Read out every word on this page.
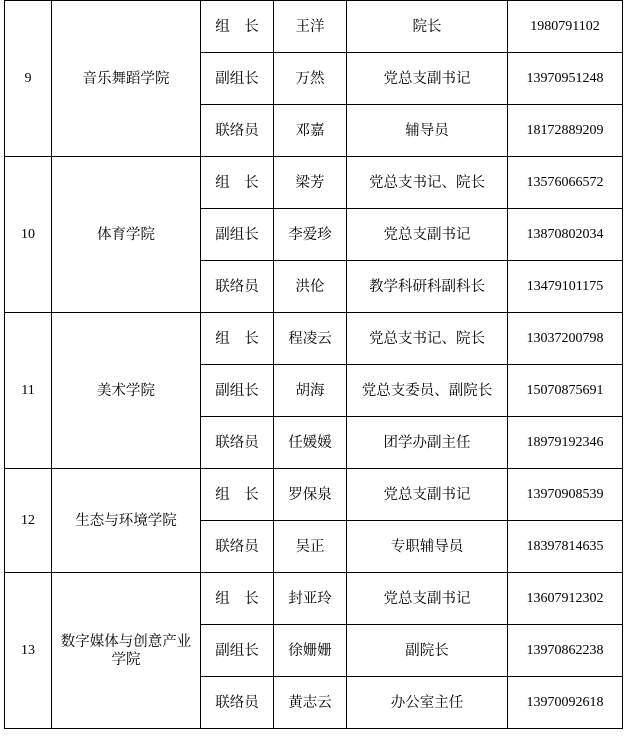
9	音乐舞蹈学院	组　长	王洋	院长	1980791102
		副组长	万然	党总支副书记	13970951248
		联络员	邓嘉	辅导员	18172889209
10	体育学院	组　长	梁芳	党总支书记、院长	13576066572
		副组长	李爱珍	党总支副书记	13870802034
		联络员	洪伦	教学科研科副科长	13479101175
11	美术学院	组　长	程凌云	党总支书记、院长	13037200798
		副组长	胡海	党总支委员、副院长	15070875691
		联络员	任媛媛	团学办副主任	18979192346
12	生态与环境学院	组　长	罗保泉	党总支副书记	13970908539
		联络员	吴正	专职辅导员	18397814635
13	数字媒体与创意产业学院	组　长	封亚玲	党总支副书记	13607912302
		副组长	徐姗姗	副院长	13970862238
		联络员	黄志云	办公室主任	13970092618
